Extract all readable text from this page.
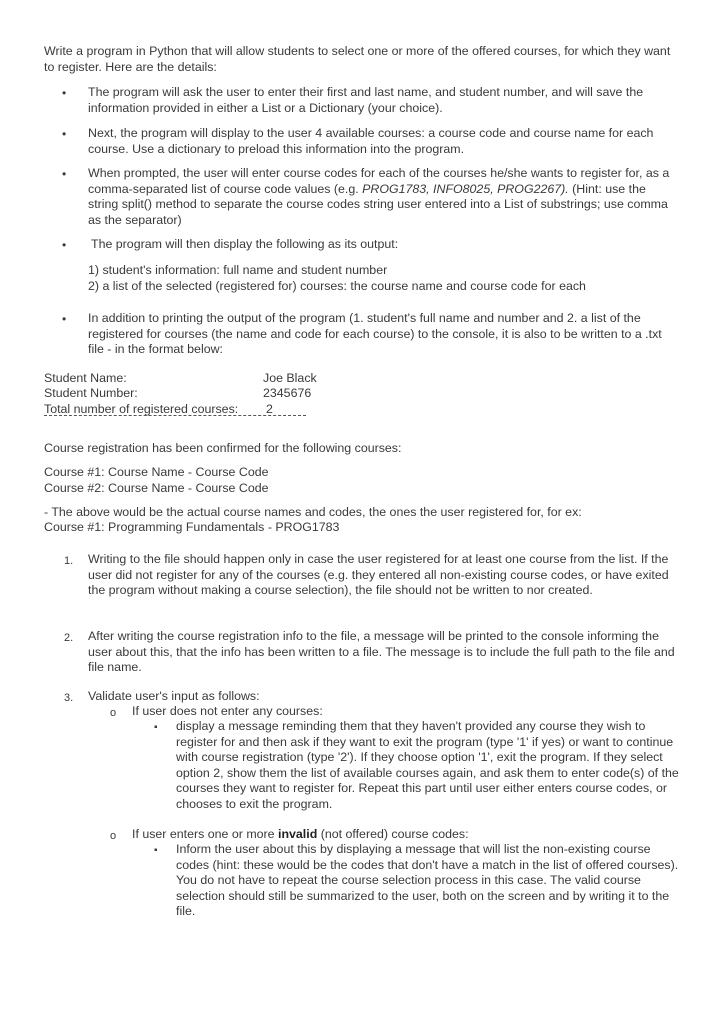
Write a program in Python that will allow students to select one or more of the offered courses, for which they want to register. Here are the details:

• The program will ask the user to enter their first and last name, and student number, and will save the information provided in either a List or a Dictionary (your choice).

• Next, the program will display to the user 4 available courses: a course code and course name for each course. Use a dictionary to preload this information into the program.

• When prompted, the user will enter course codes for each of the courses he/she wants to register for, as a comma-separated list of course code values (e.g. PROG1783, INFO8025, PROG2267). (Hint: use the string split() method to separate the course codes string user entered into a List of substrings; use comma as the separator)

• The program will then display the following as its output:

1) student's information: full name and student number

2) a list of the selected (registered for) courses: the course name and course code for each

• In addition to printing the output of the program (1. student's full name and number and 2. a list of the registered for courses (the name and code for each course) to the console, it is also to be written to a .txt file - in the format below:

Student Name:	Joe Black
Student Number:	2345676
Total number of registered courses: 2

Course registration has been confirmed for the following courses:

Course #1: Course Name - Course Code

Course #2: Course Name - Course Code

- The above would be the actual course names and codes, the ones the user registered for, for ex:

Course #1: Programming Fundamentals - PROG1783

1. Writing to the file should happen only in case the user registered for at least one course from the list. If the user did not register for any of the courses (e.g. they entered all non-existing course codes, or have exited the program without making a course selection), the file should not be written to nor created.

2. After writing the course registration info to the file, a message will be printed to the console informing the user about this, that the info has been written to a file. The message is to include the full path to the file and file name.

3. Validate user's input as follows:

o If user does not enter any courses:

▪ display a message reminding them that they haven't provided any course they wish to register for and then ask if they want to exit the program (type '1' if yes) or want to continue with course registration (type '2'). If they choose option '1', exit the program. If they select option 2, show them the list of available courses again, and ask them to enter code(s) of the courses they want to register for. Repeat this part until user either enters course codes, or chooses to exit the program.

o If user enters one or more invalid (not offered) course codes:

▪ Inform the user about this by displaying a message that will list the non-existing course codes (hint: these would be the codes that don't have a match in the list of offered courses). You do not have to repeat the course selection process in this case. The valid course selection should still be summarized to the user, both on the screen and by writing it to the file.
